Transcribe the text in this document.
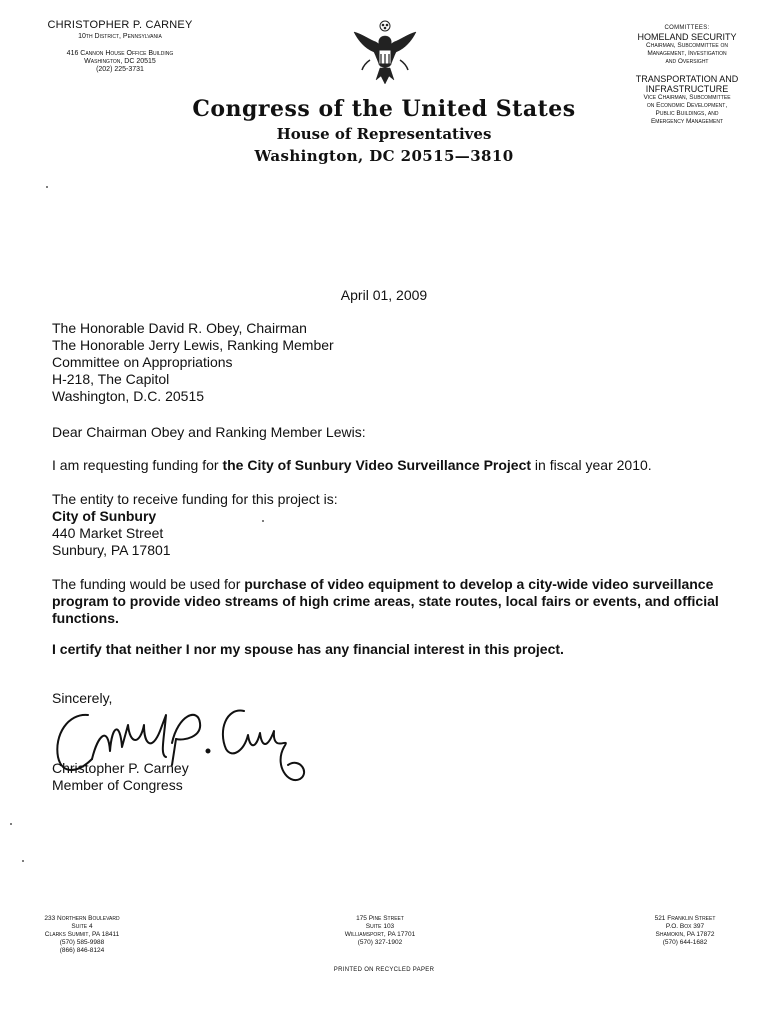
CHRISTOPHER P. CARNEY
10th District, Pennsylvania
416 Cannon House Office Building
Washington, DC 20515
(202) 225-3731
COMMITTEES:
HOMELAND SECURITY
Chairman, Subcommittee on
Management, Investigation
and Oversight
TRANSPORTATION AND
INFRASTRUCTURE
Vice Chairman, Subcommittee
on Economic Development,
Public Buildings, and
Emergency Management
Congress of the United States
House of Representatives
Washington, DC 20515—3810
April 01, 2009
The Honorable David R. Obey, Chairman
The Honorable Jerry Lewis, Ranking Member
Committee on Appropriations
H-218, The Capitol
Washington, D.C. 20515
Dear Chairman Obey and Ranking Member Lewis:
I am requesting funding for the City of Sunbury Video Surveillance Project in fiscal year 2010.
The entity to receive funding for this project is:
City of Sunbury
440 Market Street
Sunbury, PA 17801
The funding would be used for purchase of video equipment to develop a city-wide video surveillance program to provide video streams of high crime areas, state routes, local fairs or events, and official functions.
I certify that neither I nor my spouse has any financial interest in this project.
Sincerely,
Christopher P. Carney
Member of Congress
233 Northern Boulevard
Suite 4
Clarks Summit, PA 18411
(570) 585-9988
(866) 846-8124
175 Pine Street
Suite 103
Williamsport, PA 17701
(570) 327-1902
521 Franklin Street
P.O. Box 397
Shamokin, PA 17872
(570) 644-1682
PRINTED ON RECYCLED PAPER
